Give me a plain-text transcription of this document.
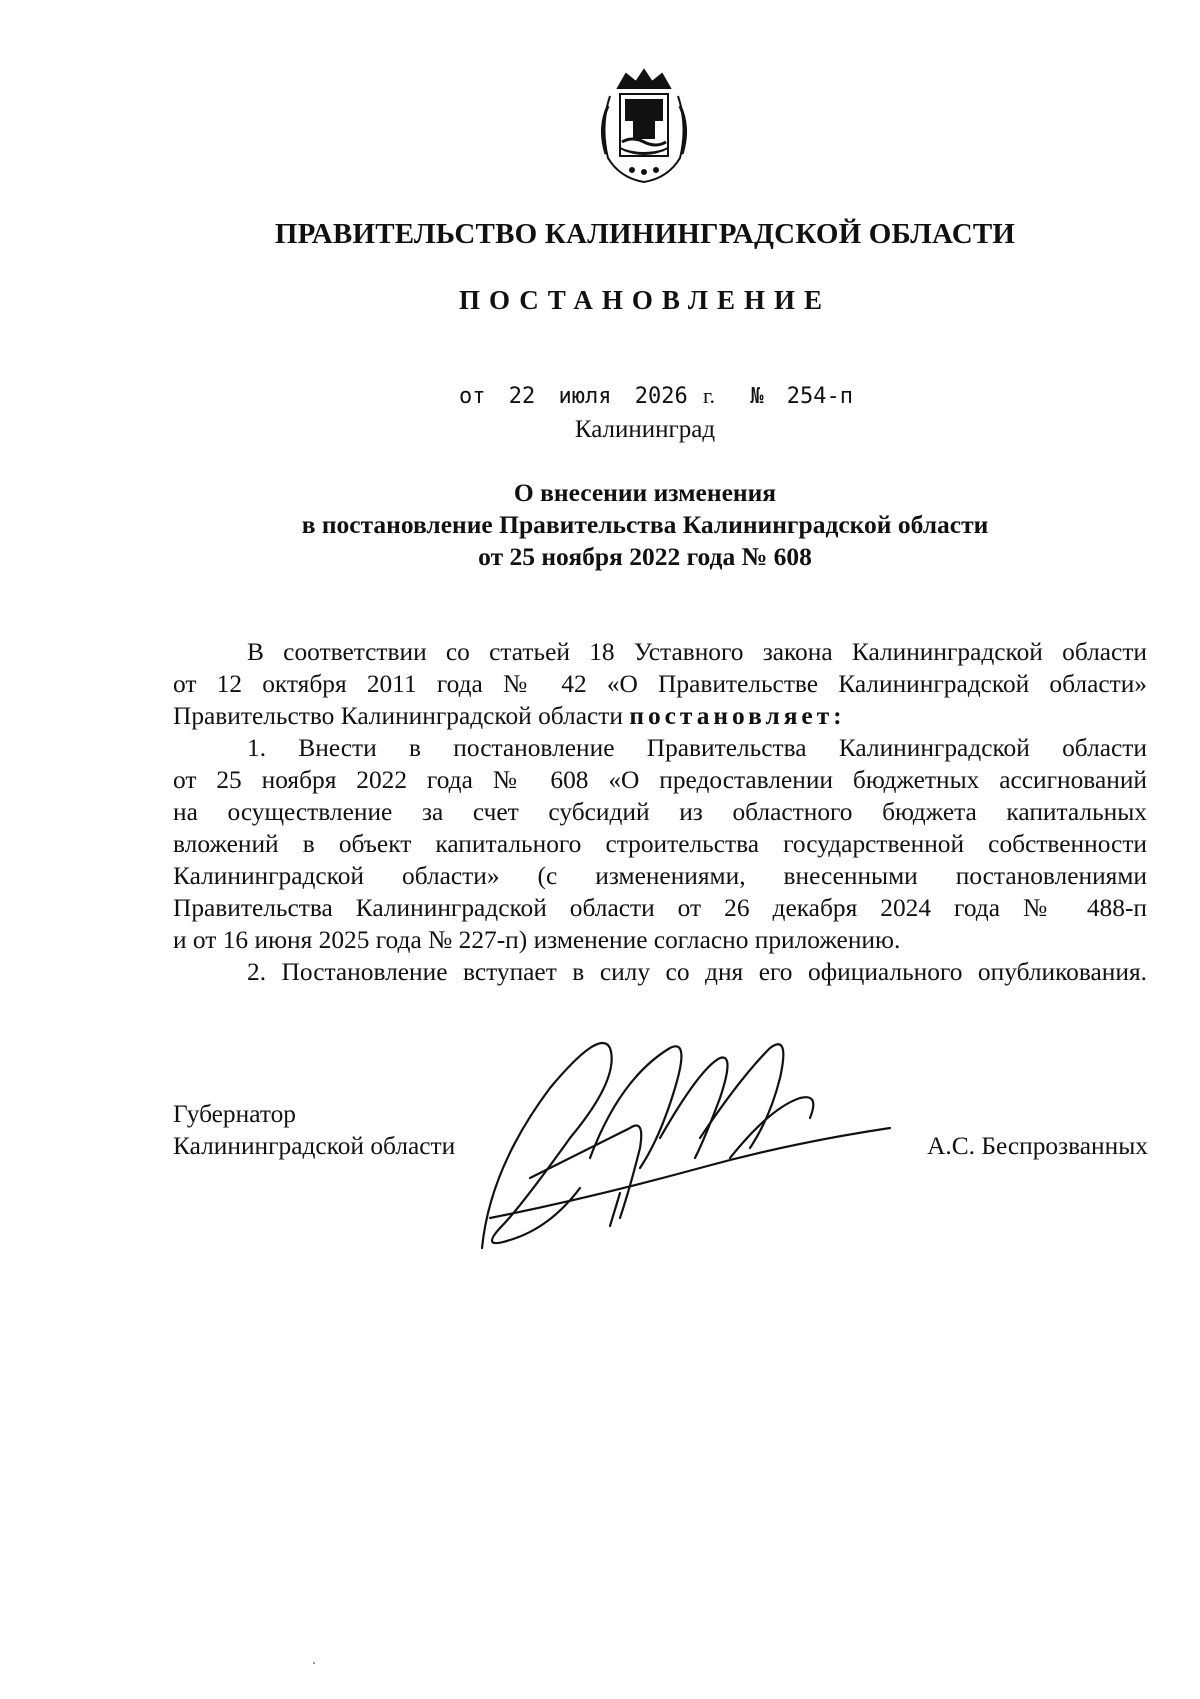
ПРАВИТЕЛЬСТВО КАЛИНИНГРАДСКОЙ ОБЛАСТИ
ПОСТАНОВЛЕНИЕ
от 22 июля 2026 г. № 254-п
Калининград
О внесении изменения
в постановление Правительства Калининградской области
от 25 ноября 2022 года № 608
В соответствии со статьей 18 Уставного закона Калининградской области
от 12 октября 2011 года № 42 «О Правительстве Калининградской области»
Правительство Калининградской области постановляет:
1. Внести в постановление Правительства Калининградской области
от 25 ноября 2022 года № 608 «О предоставлении бюджетных ассигнований
на осуществление за счет субсидий из областного бюджета капитальных
вложений в объект капитального строительства государственной собственности
Калининградской области» (с изменениями, внесенными постановлениями
Правительства Калининградской области от 26 декабря 2024 года № 488-п
и от 16 июня 2025 года № 227-п) изменение согласно приложению.
2. Постановление вступает в силу со дня его официального опубликования.
Губернатор
Калининградской области	А.С. Беспрозванных
